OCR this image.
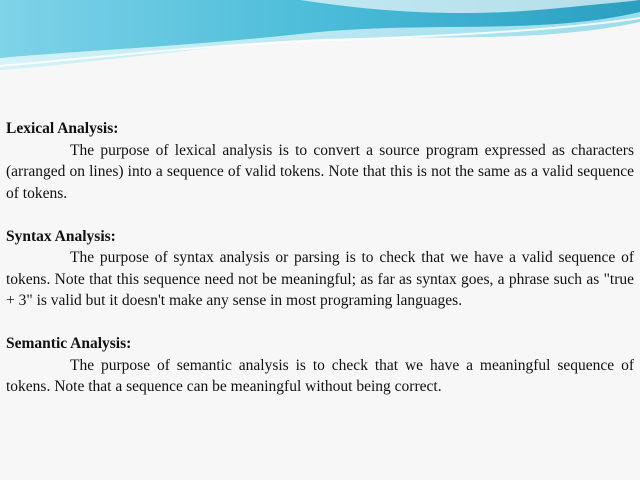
Lexical Analysis:

The purpose of lexical analysis is to convert a source program expressed as characters (arranged on lines) into a sequence of valid tokens. Note that this is not the same as a valid sequence of tokens.

Syntax Analysis:

The purpose of syntax analysis or parsing is to check that we have a valid sequence of tokens. Note that this sequence need not be meaningful; as far as syntax goes, a phrase such as "true + 3" is valid but it doesn't make any sense in most programing languages.

Semantic Analysis:

The purpose of semantic analysis is to check that we have a meaningful sequence of tokens. Note that a sequence can be meaningful without being correct.
